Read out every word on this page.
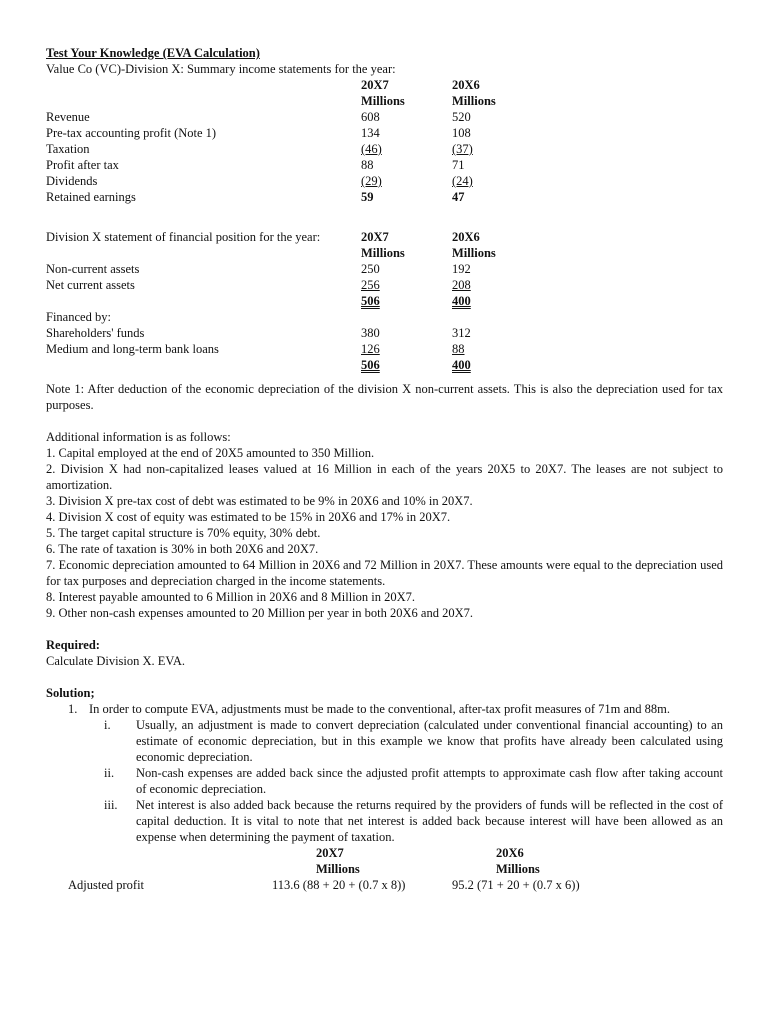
Test Your Knowledge (EVA Calculation)
Value Co (VC)-Division X: Summary income statements for the year:
20X7	20X6
Millions	Millions
Revenue	608	520
Pre-tax accounting profit (Note 1)	134	108
Taxation	(46)	(37)
Profit after tax	88	71
Dividends	(29)	(24)
Retained earnings	59	47
Division X statement of financial position for the year:	20X7	20X6
Millions	Millions
Non-current assets	250	192
Net current assets	256	208
506	400
Financed by:
Shareholders' funds	380	312
Medium and long-term bank loans	126	88
506	400
Note 1: After deduction of the economic depreciation of the division X non-current assets. This is also the depreciation used for tax purposes.
Additional information is as follows:
1. Capital employed at the end of 20X5 amounted to 350 Million.
2. Division X had non-capitalized leases valued at 16 Million in each of the years 20X5 to 20X7. The leases are not subject to amortization.
3. Division X pre-tax cost of debt was estimated to be 9% in 20X6 and 10% in 20X7.
4. Division X cost of equity was estimated to be 15% in 20X6 and 17% in 20X7.
5. The target capital structure is 70% equity, 30% debt.
6. The rate of taxation is 30% in both 20X6 and 20X7.
7. Economic depreciation amounted to 64 Million in 20X6 and 72 Million in 20X7. These amounts were equal to the depreciation used for tax purposes and depreciation charged in the income statements.
8. Interest payable amounted to 6 Million in 20X6 and 8 Million in 20X7.
9. Other non-cash expenses amounted to 20 Million per year in both 20X6 and 20X7.
Required:
Calculate Division X. EVA.
Solution;
1. In order to compute EVA, adjustments must be made to the conventional, after-tax profit measures of 71m and 88m.
i. Usually, an adjustment is made to convert depreciation (calculated under conventional financial accounting) to an estimate of economic depreciation, but in this example we know that profits have already been calculated using economic depreciation.
ii. Non-cash expenses are added back since the adjusted profit attempts to approximate cash flow after taking account of economic depreciation.
iii. Net interest is also added back because the returns required by the providers of funds will be reflected in the cost of capital deduction. It is vital to note that net interest is added back because interest will have been allowed as an expense when determining the payment of taxation.
20X7	20X6
Millions	Millions
Adjusted profit	113.6 (88 + 20 + (0.7 x 8))	95.2 (71 + 20 + (0.7 x 6))
